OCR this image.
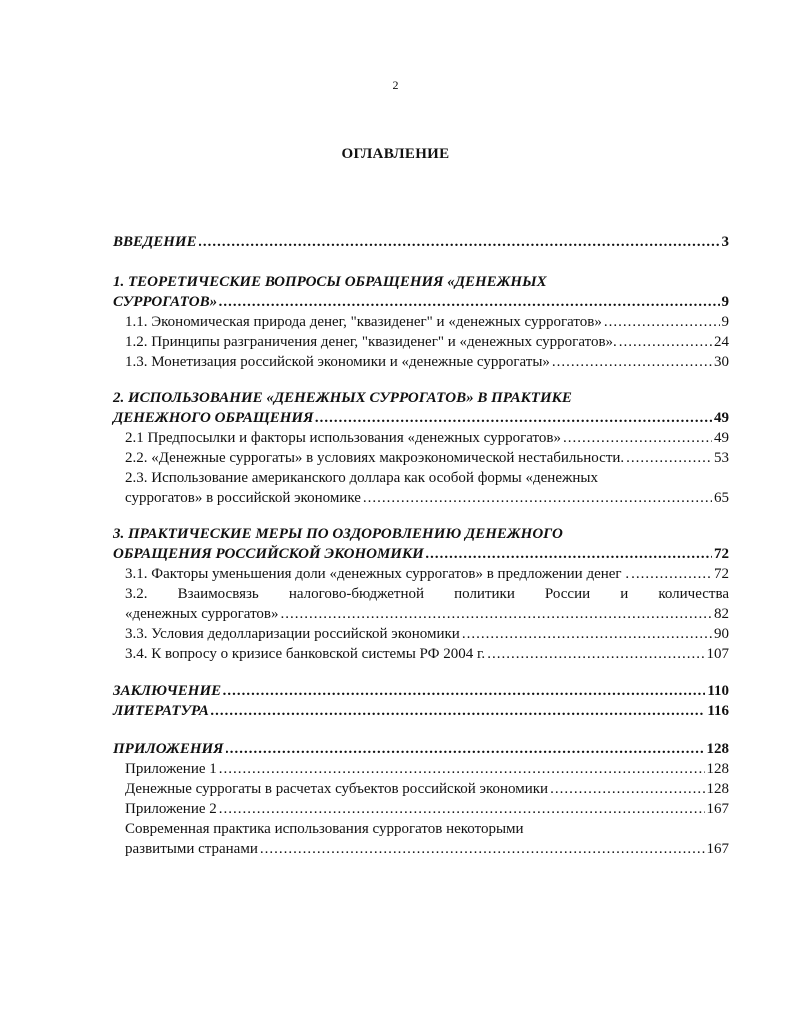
2
ОГЛАВЛЕНИЕ
ВВЕДЕНИЕ .....	3
1. ТЕОРЕТИЧЕСКИЕ ВОПРОСЫ ОБРАЩЕНИЯ «ДЕНЕЖНЫХ
СУРРОГАТОВ» .....	9
1.1. Экономическая природа денег, "квазиденег" и «денежных суррогатов» .....	9
1.2. Принципы разграничения денег, "квазиденег" и «денежных суррогатов». .....	24
1.3. Монетизация российской экономики и «денежные суррогаты» .....	30
2. ИСПОЛЬЗОВАНИЕ «ДЕНЕЖНЫХ СУРРОГАТОВ» В ПРАКТИКЕ
ДЕНЕЖНОГО ОБРАЩЕНИЯ .....	49
2.1 Предпосылки и факторы использования «денежных суррогатов» .....	49
2.2. «Денежные суррогаты» в условиях макроэкономической нестабильности. .....	53
2.3. Использование американского доллара как особой формы «денежных
суррогатов» в российской экономике .....	65
3. ПРАКТИЧЕСКИЕ МЕРЫ ПО ОЗДОРОВЛЕНИЮ ДЕНЕЖНОГО
ОБРАЩЕНИЯ РОССИЙСКОЙ ЭКОНОМИКИ .....	72
3.1. Факторы уменьшения доли «денежных суррогатов» в предложении денег . .....	72
3.2. Взаимосвязь налогово-бюджетной политики России и количества
«денежных суррогатов» .....	82
3.3. Условия дедолларизации российской экономики .....	90
3.4. К вопросу о кризисе банковской системы РФ 2004 г. .....	107
ЗАКЛЮЧЕНИЕ .....	110
ЛИТЕРАТУРА .....	116
ПРИЛОЖЕНИЯ .....	128
Приложение 1 .....	128
Денежные суррогаты в расчетах субъектов российской экономики .....	128
Приложение 2 .....	167
Современная практика использования суррогатов некоторыми
развитыми странами .....	167
